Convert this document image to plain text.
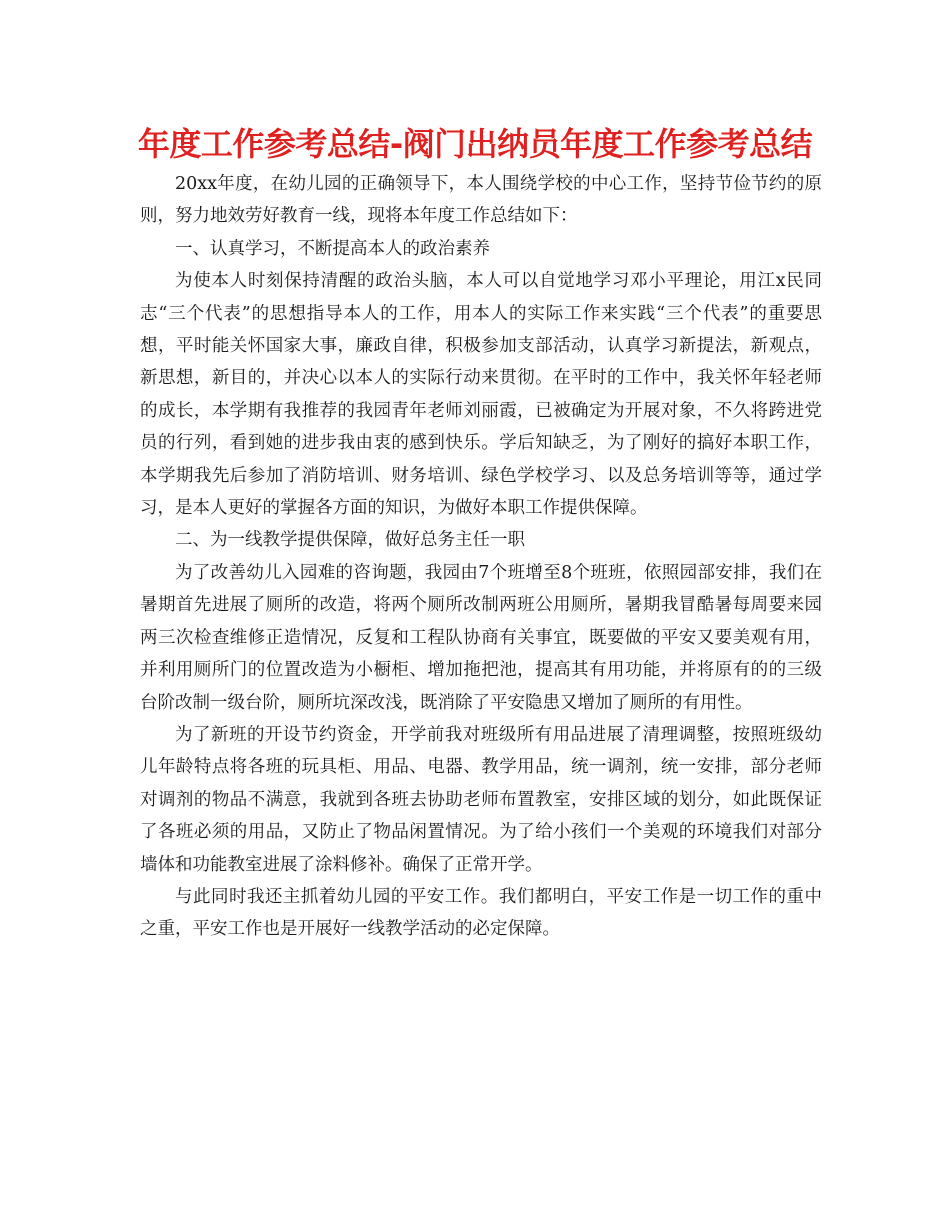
年度工作参考总结-阀门出纳员年度工作参考总结

20xx年度，在幼儿园的正确领导下，本人围绕学校的中心工作，坚持节俭节约的原则，努力地效劳好教育一线，现将本年度工作总结如下：

一、认真学习，不断提高本人的政治素养

为使本人时刻保持清醒的政治头脑，本人可以自觉地学习邓小平理论，用江x民同志“三个代表”的思想指导本人的工作，用本人的实际工作来实践“三个代表”的重要思想，平时能关怀国家大事，廉政自律，积极参加支部活动，认真学习新提法，新观点，新思想，新目的，并决心以本人的实际行动来贯彻。在平时的工作中，我关怀年轻老师的成长，本学期有我推荐的我园青年老师刘丽霞，已被确定为开展对象，不久将跨进党员的行列，看到她的进步我由衷的感到快乐。学后知缺乏，为了刚好的搞好本职工作，本学期我先后参加了消防培训、财务培训、绿色学校学习、以及总务培训等等，通过学习，是本人更好的掌握各方面的知识，为做好本职工作提供保障。

二、为一线教学提供保障，做好总务主任一职

为了改善幼儿入园难的咨询题，我园由7个班增至8个班班，依照园部安排，我们在暑期首先进展了厕所的改造，将两个厕所改制两班公用厕所，暑期我冒酷暑每周要来园两三次检查维修正造情况，反复和工程队协商有关事宜，既要做的平安又要美观有用，并利用厕所门的位置改造为小橱柜、增加拖把池，提高其有用功能，并将原有的的三级台阶改制一级台阶，厕所坑深改浅，既消除了平安隐患又增加了厕所的有用性。

为了新班的开设节约资金，开学前我对班级所有用品进展了清理调整，按照班级幼儿年龄特点将各班的玩具柜、用品、电器、教学用品，统一调剂，统一安排，部分老师对调剂的物品不满意，我就到各班去协助老师布置教室，安排区域的划分，如此既保证了各班必须的用品，又防止了物品闲置情况。为了给小孩们一个美观的环境我们对部分墙体和功能教室进展了涂料修补。确保了正常开学。

与此同时我还主抓着幼儿园的平安工作。我们都明白，平安工作是一切工作的重中之重，平安工作也是开展好一线教学活动的必定保障。
